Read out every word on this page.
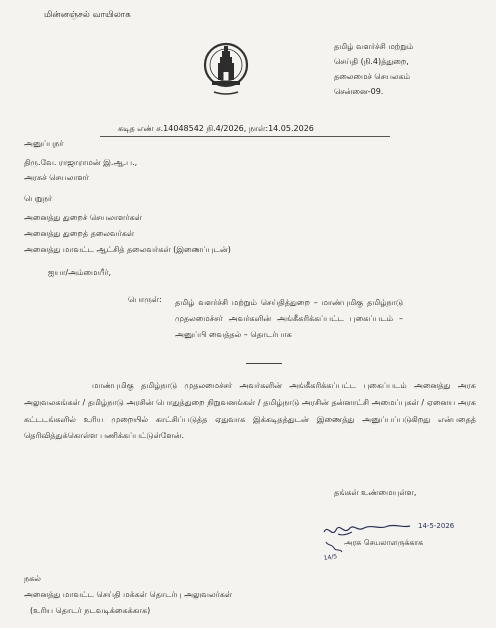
மின்னஞ்சல் வாயிலாக
தமிழ் வளர்ச்சி மற்றும்
செய்தி (நி.4)த்துறை,
தலைமைச் செயலகம்
சென்னை-09.
கடித எண் ச.14048542 நி.4/2026, நாள்:14.05.2026
அனுப்புநர்
திரு.வே. ராஜாராமன் இ.ஆ.ப.,
அரசுச் செயலாளர்
பெறுநர்
அனைத்து துறைச் செயலாளர்கள்
அனைத்து துறைத் தலைவர்கள்
அனைத்து மாவட்ட ஆட்சித் தலைவர்கள் (இணைப்புடன்)
ஐயா/அம்மையீர்,
பொருள்: தமிழ் வளர்ச்சி மற்றும் செய்தித்துறை – மாண்புமிகு தமிழ்நாடு முதலமைச்சர் அவர்களின் அங்கீகரிக்கப்பட்ட புகைப்படம் – அனுப்பி வைத்தல் – தொடர்பாக
மாண்புமிகு தமிழ்நாடு முதலமைச்சர் அவர்களின் அங்கீகரிக்கப்பட்ட புகைப்படம் அனைத்து அரசு அலுவலகங்கள் / தமிழ்நாடு அரசின் பொதுத்துறை நிறுவனங்கள் / தமிழ்நாடு அரசின் தன்னாட்சி அமைப்புகள் / ஏனைய அரசு கட்டடங்களில் உரிய முறையில் காட்சிப்படுத்த ஏதுவாக இக்கடிதத்துடன் இணைத்து அனுப்பப்படுகிறது என்பதைத் தெரிவித்துக்கொள்ள பணிக்கப்பட்டுள்ளேன்.
தங்கள் உண்மையுள்ள,
14-5-2026
14/5
அரசு செயலாளருக்காக
நகல்
அனைத்து மாவட்ட செய்தி மக்கள் தொடர்பு அலுவலர்கள்
(உரிய தொடர் நடவடிக்கைக்காக)
